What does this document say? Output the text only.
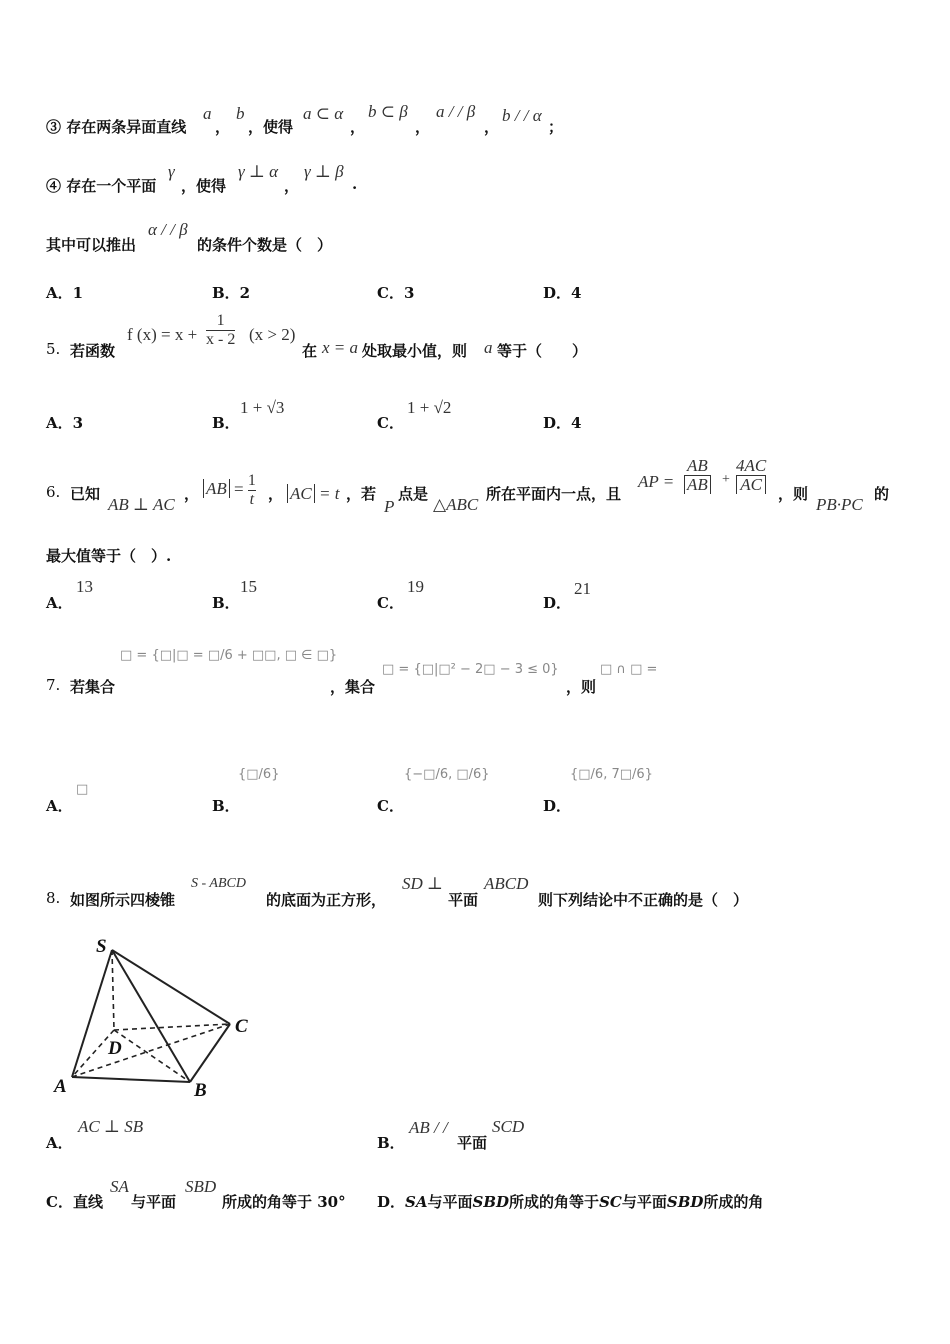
③ 存在两条异面直线
a
，
b
，使得
a ⊂ α
，
b ⊂ β
，
a / / β
，
b / / α
；
④ 存在一个平面
γ
，使得
γ ⊥ α
，
γ ⊥ β
.
其中可以推出
α / / β
的条件个数是（　）
A．1	B．2	C．3	D．4
5. 若函数
f $(x) = x + \frac{1}{x - 2} (x > 2)$
在 x = a 处取最小值，则 a 等于（　　）
A．3	B．
1 + √3
C．
1 + √2
D．4
6. 已知
AB ⊥ AC
， AB = $\frac{1}{t}$ ， AC = t ，若
P
点是
△ABC
所在平面内一点，且
AP = $\frac{AB}{AB} + \frac{4AC}{AC}$ ，则
PB·PC
的
最大值等于（　）.
A．
13
B．
15
C．
19
D．
21
7. 若集合
□ = {□|□ = □/6 + □□, □ ∈ □}
，集合
□ = {□|□² − 2□ − 3 ≤ 0}
，则
□ ∩ □ =
A．
□
B．
{□/6}
C．
{−□/6, □/6}
D．
{□/6, 7□/6}
8. 如图所示四棱锥
S - ABCD
的底面为正方形，
SD ⊥
平面
ABCD
则下列结论中不正确的是（　）
S
D
C
A	B
A．
AC ⊥ SB
B．
AB / /
平面
SCD
C．直线
SA
与平面
SBD
所成的角等于 30° D．SA与平面SBD所成的角等于SC与平面SBD所成的角
